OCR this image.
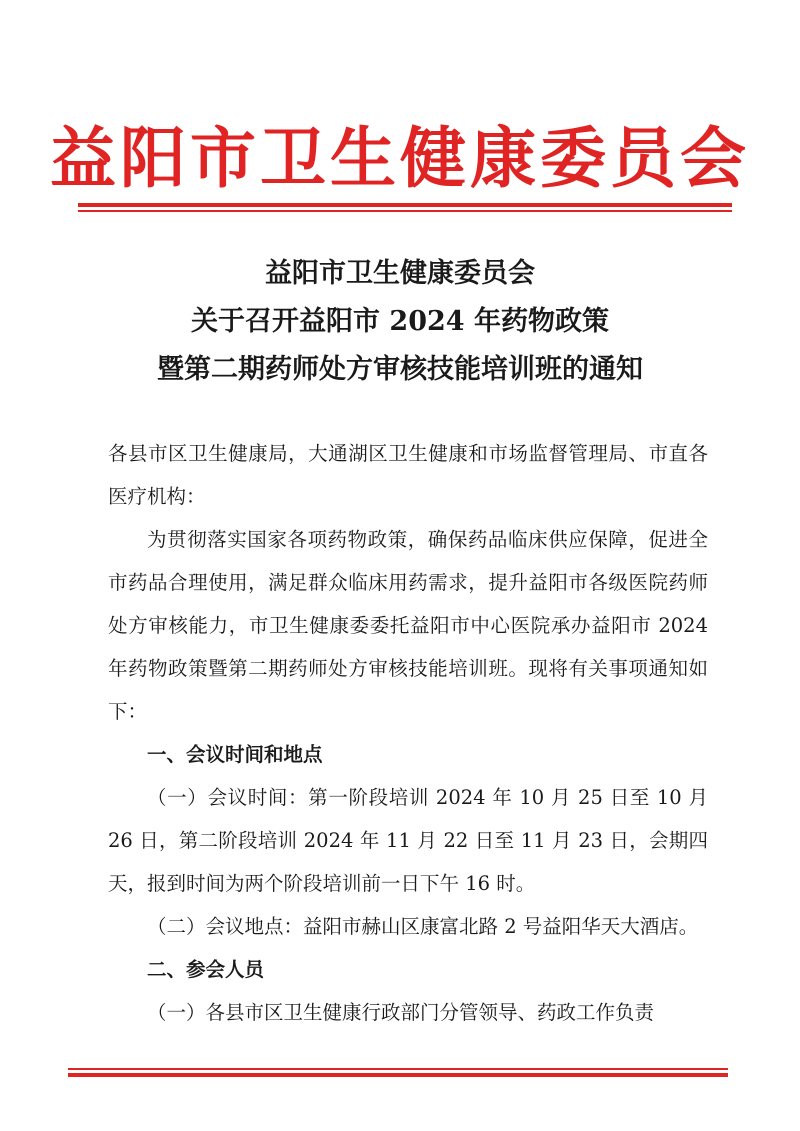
益阳市卫生健康委员会
益阳市卫生健康委员会
关于召开益阳市 2024 年药物政策
暨第二期药师处方审核技能培训班的通知

各县市区卫生健康局，大通湖区卫生健康和市场监督管理局、市直各医疗机构：

为贯彻落实国家各项药物政策，确保药品临床供应保障，促进全市药品合理使用，满足群众临床用药需求，提升益阳市各级医院药师处方审核能力，市卫生健康委委托益阳市中心医院承办益阳市 2024 年药物政策暨第二期药师处方审核技能培训班。现将有关事项通知如下：

一、会议时间和地点

（一）会议时间：第一阶段培训 2024 年 10 月 25 日至 10 月 26 日，第二阶段培训 2024 年 11 月 22 日至 11 月 23 日，会期四天，报到时间为两个阶段培训前一日下午 16 时。

（二）会议地点：益阳市赫山区康富北路 2 号益阳华天大酒店。

二、参会人员

（一）各县市区卫生健康行政部门分管领导、药政工作负责
